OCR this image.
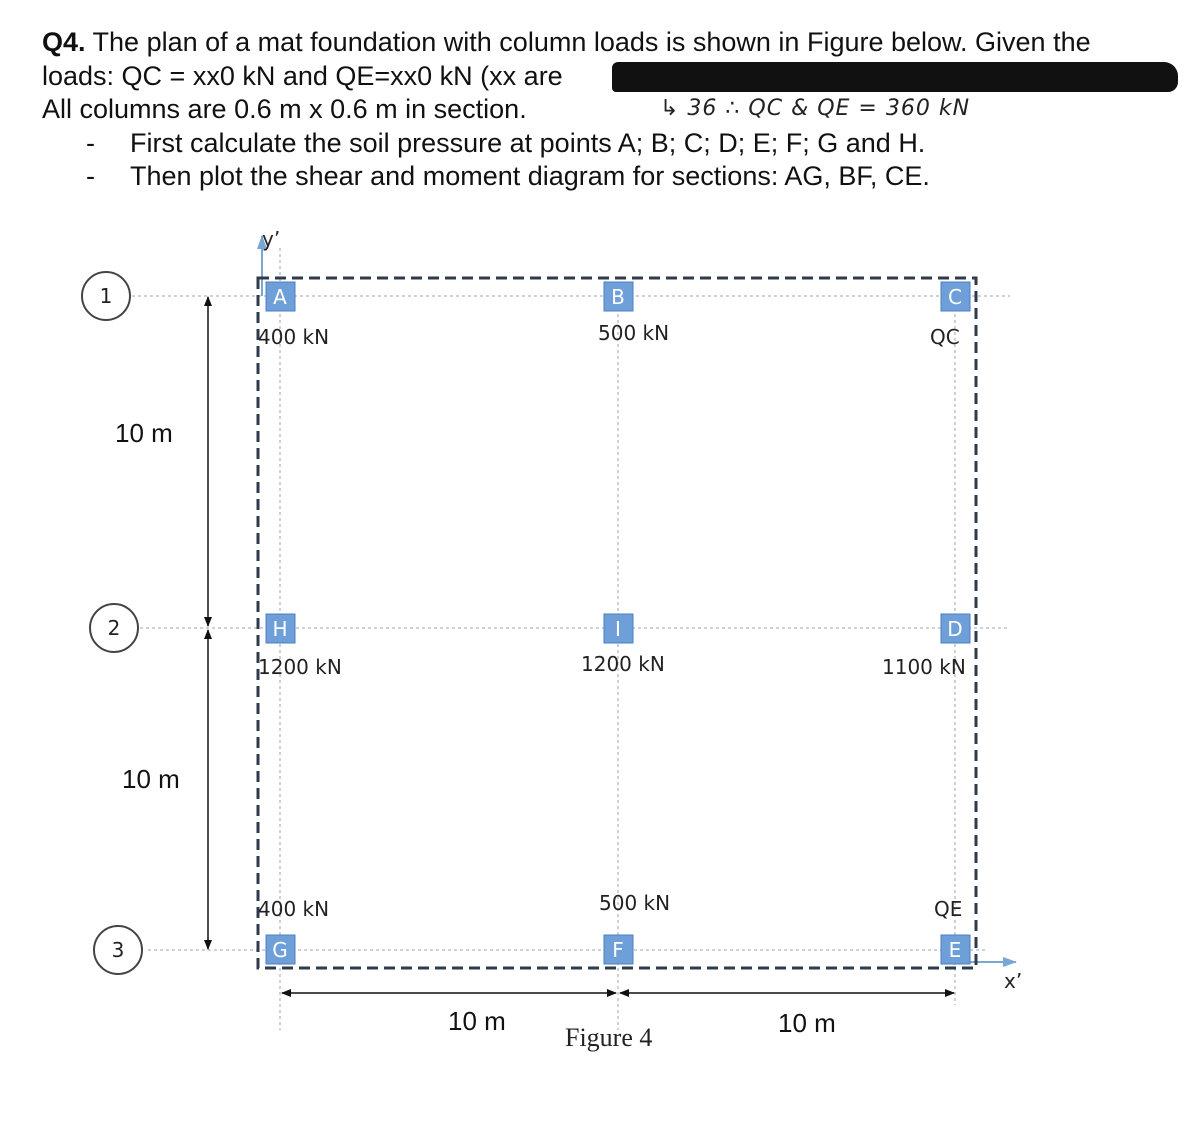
Q4. The plan of a mat foundation with column loads is shown in Figure below. Given the
loads: QC = xx0 kN and QE=xx0 kN (xx are
All columns are 0.6 m x 0.6 m in section.
-	First calculate the soil pressure at points A; B; C; D; E; F; G and H.
-	Then plot the shear and moment diagram for sections: AG, BF, CE.
↳ 36 ∴ QC & QE = 360 kN
y’
x’
1
2
3
10 m
10 m
10 m	10 m
A
400 kN
B
500 kN
C
QC
H
1200 kN
I
1200 kN
D
1100 kN
G
400 kN
F
500 kN
E
QE
Figure 4
